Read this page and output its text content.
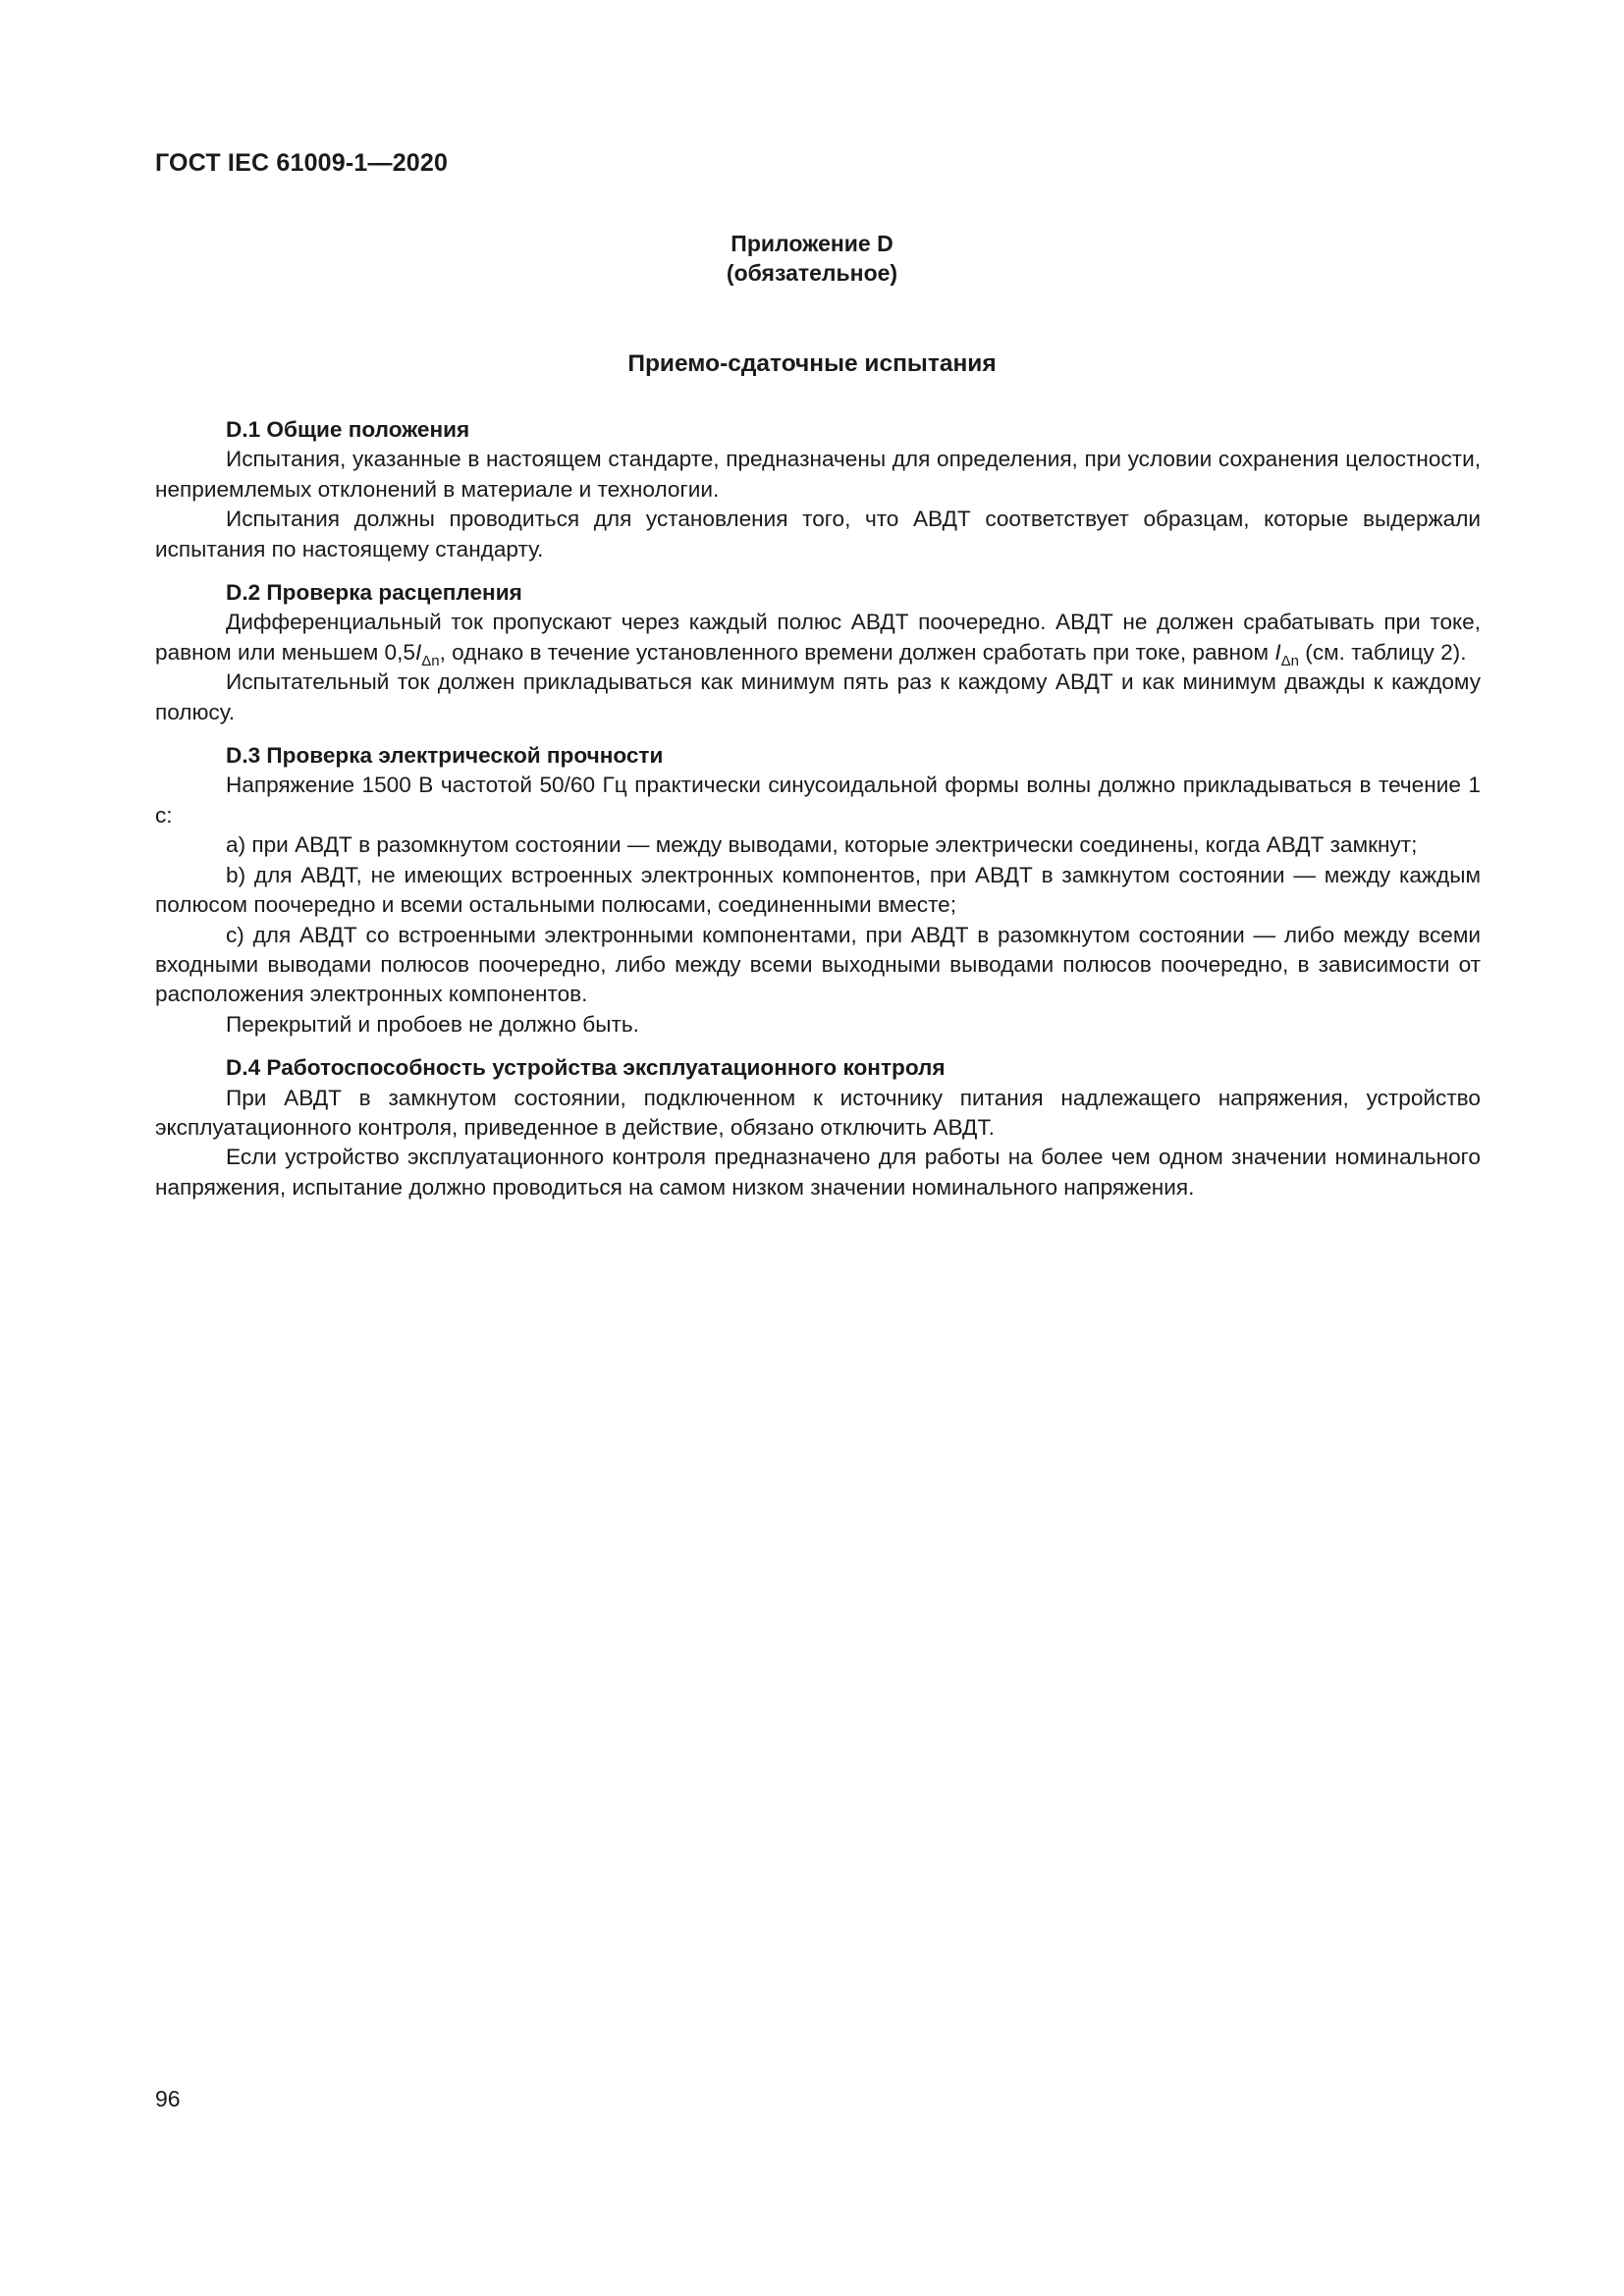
ГОСТ IEC 61009-1—2020
Приложение D
(обязательное)
Приемо-сдаточные испытания

D.1 Общие положения

Испытания, указанные в настоящем стандарте, предназначены для определения, при условии сохранения целостности, неприемлемых отклонений в материале и технологии.

Испытания должны проводиться для установления того, что АВДТ соответствует образцам, которые выдержали испытания по настоящему стандарту.

D.2 Проверка расцепления

Дифференциальный ток пропускают через каждый полюс АВДТ поочередно. АВДТ не должен срабатывать при токе, равном или меньшем $0,5I_{\Delta n}$, однако в течение установленного времени должен сработать при токе, равном $I_{\Delta n}$ (см. таблицу 2).

Испытательный ток должен прикладываться как минимум пять раз к каждому АВДТ и как минимум дважды к каждому полюсу.

D.3 Проверка электрической прочности

Напряжение 1500 В частотой 50/60 Гц практически синусоидальной формы волны должно прикладываться в течение 1 с:

a) при АВДТ в разомкнутом состоянии — между выводами, которые электрически соединены, когда АВДТ замкнут;

b) для АВДТ, не имеющих встроенных электронных компонентов, при АВДТ в замкнутом состоянии — между каждым полюсом поочередно и всеми остальными полюсами, соединенными вместе;

c) для АВДТ со встроенными электронными компонентами, при АВДТ в разомкнутом состоянии — либо между всеми входными выводами полюсов поочередно, либо между всеми выходными выводами полюсов поочередно, в зависимости от расположения электронных компонентов.

Перекрытий и пробоев не должно быть.

D.4 Работоспособность устройства эксплуатационного контроля

При АВДТ в замкнутом состоянии, подключенном к источнику питания надлежащего напряжения, устройство эксплуатационного контроля, приведенное в действие, обязано отключить АВДТ.

Если устройство эксплуатационного контроля предназначено для работы на более чем одном значении номинального напряжения, испытание должно проводиться на самом низком значении номинального напряжения.

96
